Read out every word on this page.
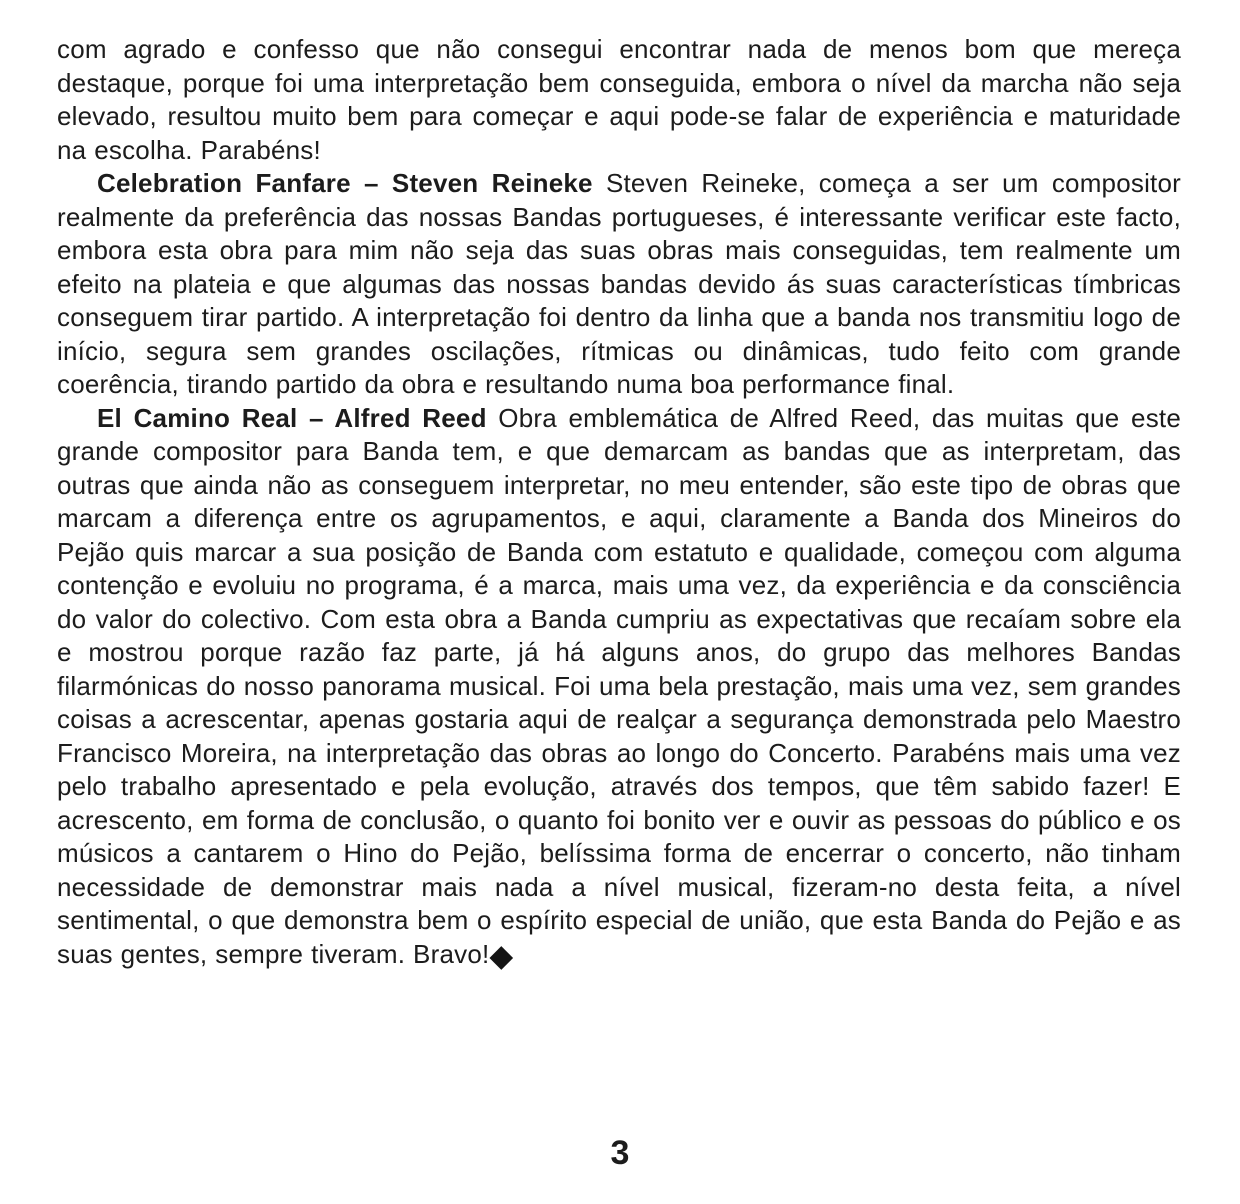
com agrado e confesso que não consegui encontrar nada de menos bom que mereça destaque, porque foi uma interpretação bem conseguida, embora o nível da marcha não seja elevado, resultou muito bem para começar e aqui pode-se falar de experiência e maturidade na escolha. Parabéns!

Celebration Fanfare – Steven Reineke Steven Reineke, começa a ser um compositor realmente da preferência das nossas Bandas portugueses, é interessante verificar este facto, embora esta obra para mim não seja das suas obras mais conseguidas, tem realmente um efeito na plateia e que algumas das nossas bandas devido ás suas características tímbricas conseguem tirar partido. A interpretação foi dentro da linha que a banda nos transmitiu logo de início, segura sem grandes oscilações, rítmicas ou dinâmicas, tudo feito com grande coerência, tirando partido da obra e resultando numa boa performance final.

El Camino Real – Alfred Reed Obra emblemática de Alfred Reed, das muitas que este grande compositor para Banda tem, e que demarcam as bandas que as interpretam, das outras que ainda não as conseguem interpretar, no meu entender, são este tipo de obras que marcam a diferença entre os agrupamentos, e aqui, claramente a Banda dos Mineiros do Pejão quis marcar a sua posição de Banda com estatuto e qualidade, começou com alguma contenção e evoluiu no programa, é a marca, mais uma vez, da experiência e da consciência do valor do colectivo. Com esta obra a Banda cumpriu as expectativas que recaíam sobre ela e mostrou porque razão faz parte, já há alguns anos, do grupo das melhores Bandas filarmónicas do nosso panorama musical. Foi uma bela prestação, mais uma vez, sem grandes coisas a acrescentar, apenas gostaria aqui de realçar a segurança demonstrada pelo Maestro Francisco Moreira, na interpretação das obras ao longo do Concerto. Parabéns mais uma vez pelo trabalho apresentado e pela evolução, através dos tempos, que têm sabido fazer! E acrescento, em forma de conclusão, o quanto foi bonito ver e ouvir as pessoas do público e os músicos a cantarem o Hino do Pejão, belíssima forma de encerrar o concerto, não tinham necessidade de demonstrar mais nada a nível musical, fizeram-no desta feita, a nível sentimental, o que demonstra bem o espírito especial de união, que esta Banda do Pejão e as suas gentes, sempre tiveram. Bravo!◆

3
